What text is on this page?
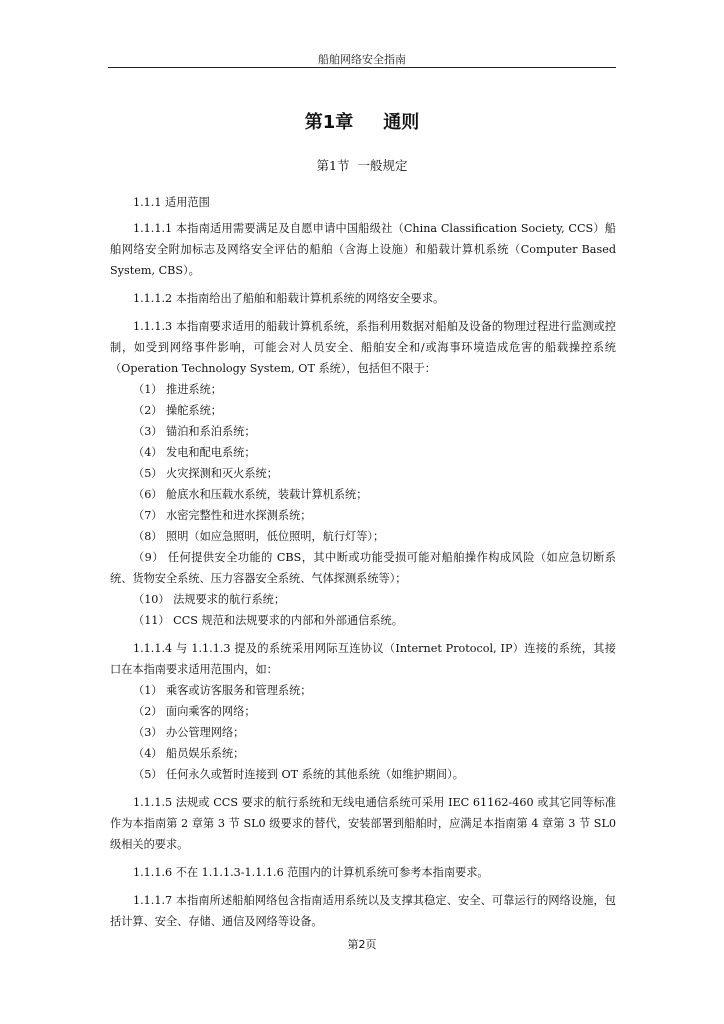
船舶网络安全指南
第1章 通则
第1节 一般规定

1.1.1 适用范围

1.1.1.1 本指南适用需要满足及自愿申请中国船级社（China Classification Society, CCS）船舶网络安全附加标志及网络安全评估的船舶（含海上设施）和船载计算机系统（Computer Based System, CBS）。

1.1.1.2 本指南给出了船舶和船载计算机系统的网络安全要求。

1.1.1.3 本指南要求适用的船载计算机系统，系指利用数据对船舶及设备的物理过程进行监测或控制，如受到网络事件影响，可能会对人员安全、船舶安全和/或海事环境造成危害的船载操控系统（Operation Technology System, OT 系统），包括但不限于：

（1） 推进系统；

（2） 操舵系统；

（3） 锚泊和系泊系统；

（4） 发电和配电系统；

（5） 火灾探测和灭火系统；

（6） 舱底水和压载水系统，装载计算机系统；

（7） 水密完整性和进水探测系统；

（8） 照明（如应急照明，低位照明，航行灯等）；

（9） 任何提供安全功能的 CBS，其中断或功能受损可能对船舶操作构成风险（如应急切断系统、货物安全系统、压力容器安全系统、气体探测系统等）；

（10） 法规要求的航行系统；

（11） CCS 规范和法规要求的内部和外部通信系统。

1.1.1.4 与 1.1.1.3 提及的系统采用网际互连协议（Internet Protocol, IP）连接的系统，其接口在本指南要求适用范围内，如：

（1） 乘客或访客服务和管理系统；

（2） 面向乘客的网络；

（3） 办公管理网络；

（4） 船员娱乐系统；

（5） 任何永久或暂时连接到 OT 系统的其他系统（如维护期间）。

1.1.1.5 法规或 CCS 要求的航行系统和无线电通信系统可采用 IEC 61162-460 或其它同等标准作为本指南第 2 章第 3 节 SL0 级要求的替代，安装部署到船舶时，应满足本指南第 4 章第 3 节 SL0 级相关的要求。

1.1.1.6 不在 1.1.1.3-1.1.1.6 范围内的计算机系统可参考本指南要求。

1.1.1.7 本指南所述船舶网络包含指南适用系统以及支撑其稳定、安全、可靠运行的网络设施，包括计算、安全、存储、通信及网络等设备。

第2页
